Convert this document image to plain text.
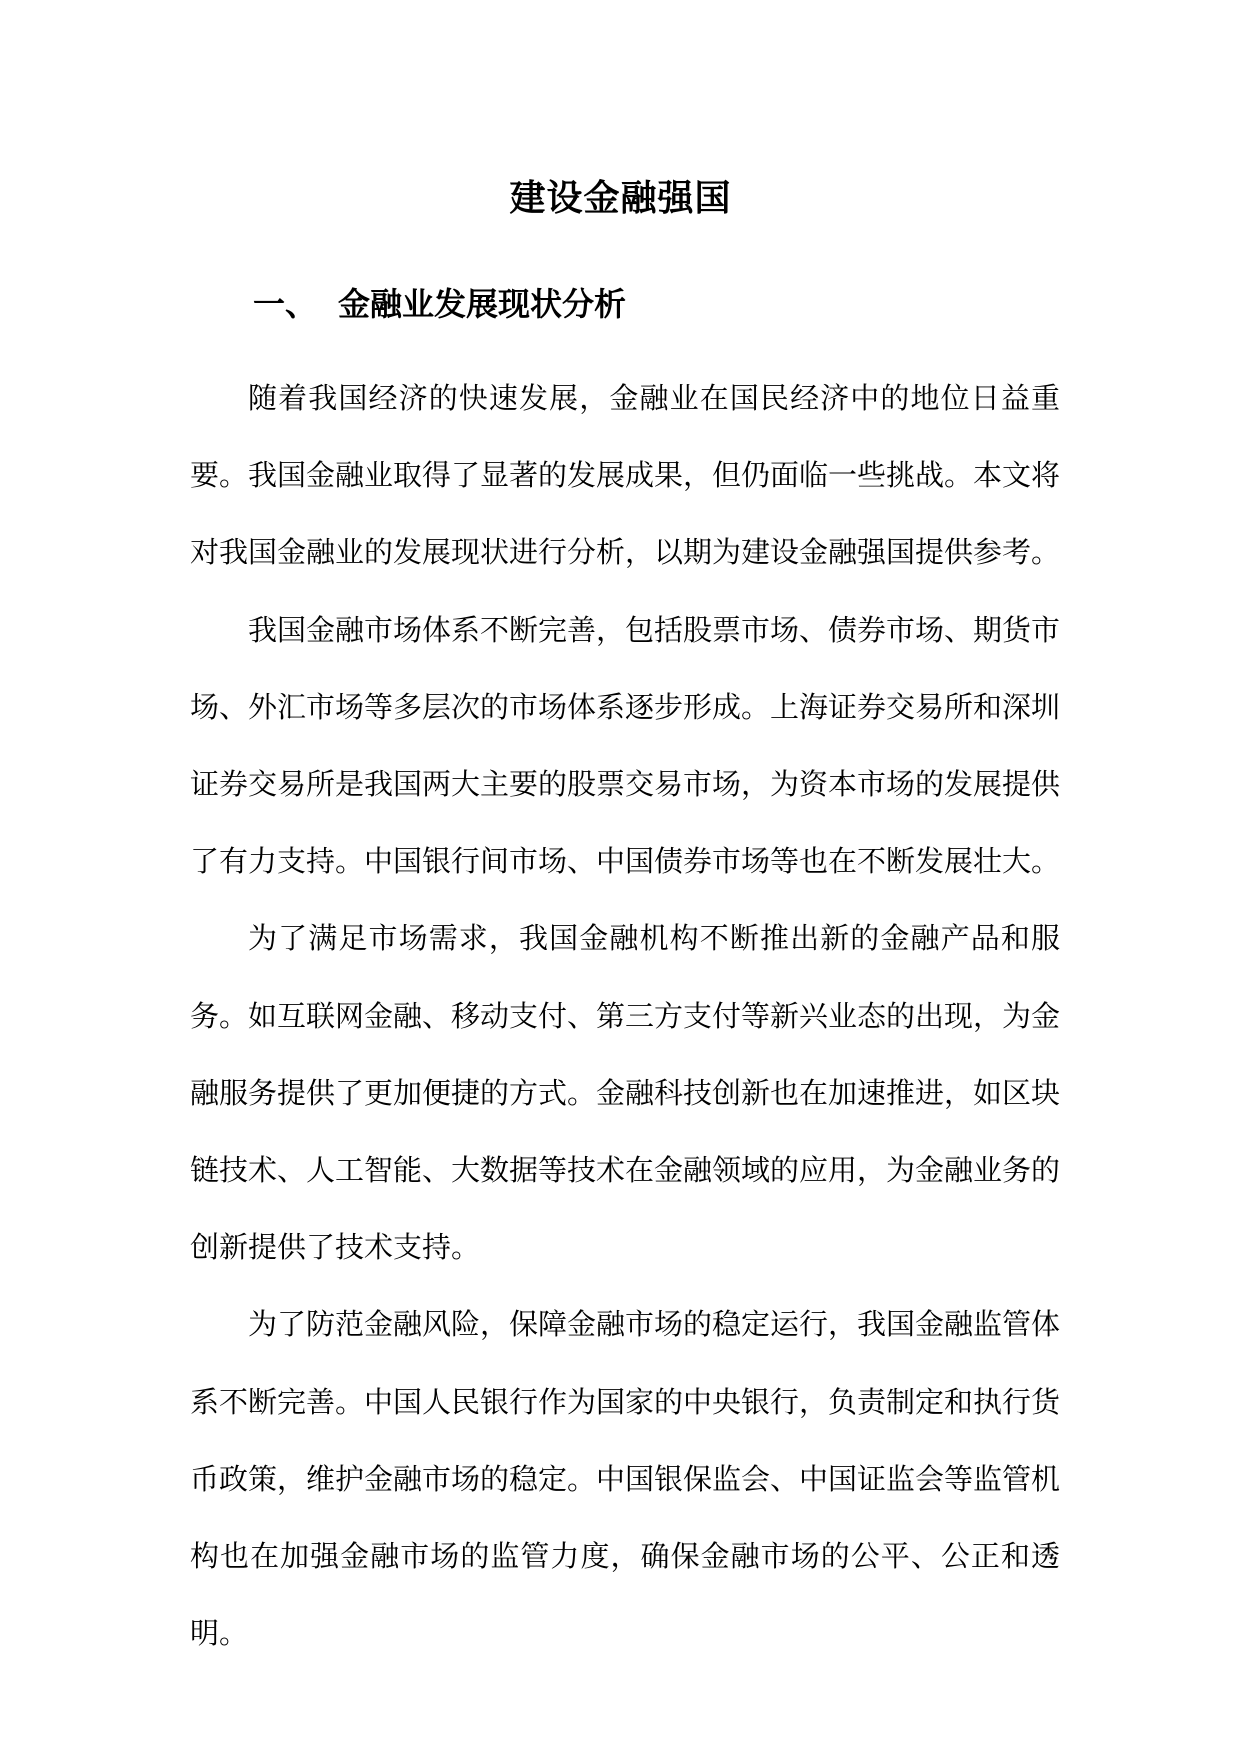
建设金融强国
一、 金融业发展现状分析

随着我国经济的快速发展，金融业在国民经济中的地位日益重要。我国金融业取得了显著的发展成果，但仍面临一些挑战。本文将对我国金融业的发展现状进行分析，以期为建设金融强国提供参考。

我国金融市场体系不断完善，包括股票市场、债券市场、期货市场、外汇市场等多层次的市场体系逐步形成。上海证券交易所和深圳证券交易所是我国两大主要的股票交易市场，为资本市场的发展提供了有力支持。中国银行间市场、中国债券市场等也在不断发展壮大。

为了满足市场需求，我国金融机构不断推出新的金融产品和服务。如互联网金融、移动支付、第三方支付等新兴业态的出现，为金融服务提供了更加便捷的方式。金融科技创新也在加速推进，如区块链技术、人工智能、大数据等技术在金融领域的应用，为金融业务的创新提供了技术支持。

为了防范金融风险，保障金融市场的稳定运行，我国金融监管体系不断完善。中国人民银行作为国家的中央银行，负责制定和执行货币政策，维护金融市场的稳定。中国银保监会、中国证监会等监管机构也在加强金融市场的监管力度，确保金融市场的公平、公正和透明。
